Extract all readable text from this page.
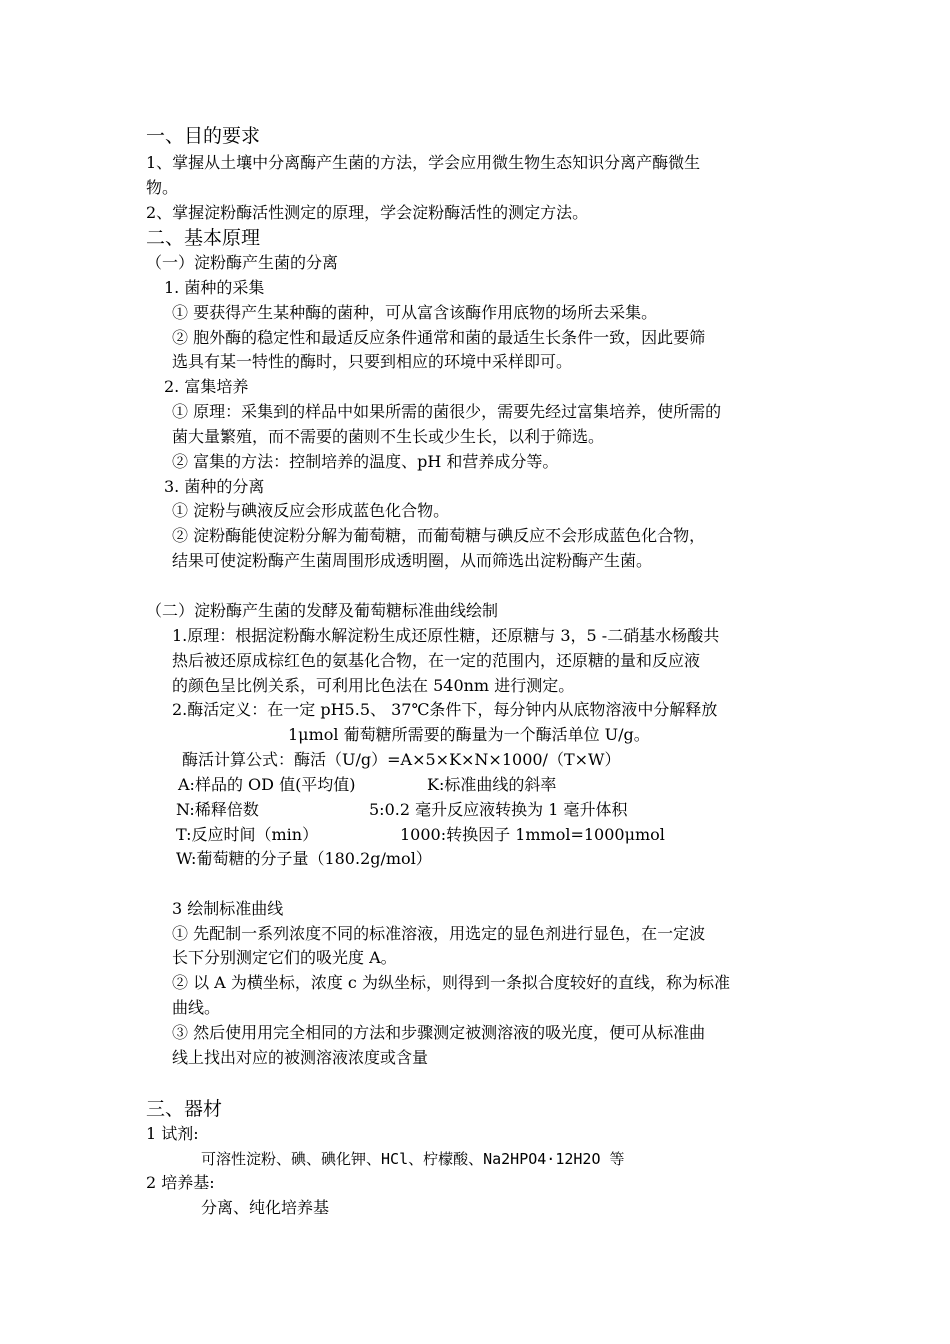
一、目的要求
1、掌握从土壤中分离酶产生菌的方法，学会应用微生物生态知识分离产酶微生
物。
2、掌握淀粉酶活性测定的原理，学会淀粉酶活性的测定方法。
二、基本原理
（一）淀粉酶产生菌的分离
1. 菌种的采集
① 要获得产生某种酶的菌种，可从富含该酶作用底物的场所去采集。
② 胞外酶的稳定性和最适反应条件通常和菌的最适生长条件一致，因此要筛
选具有某一特性的酶时，只要到相应的环境中采样即可。
2. 富集培养
① 原理：采集到的样品中如果所需的菌很少，需要先经过富集培养，使所需的
菌大量繁殖，而不需要的菌则不生长或少生长，以利于筛选。
② 富集的方法：控制培养的温度、pH 和营养成分等。
3. 菌种的分离
① 淀粉与碘液反应会形成蓝色化合物。
② 淀粉酶能使淀粉分解为葡萄糖，而葡萄糖与碘反应不会形成蓝色化合物，
结果可使淀粉酶产生菌周围形成透明圈，从而筛选出淀粉酶产生菌。
（二）淀粉酶产生菌的发酵及葡萄糖标准曲线绘制
1.原理：根据淀粉酶水解淀粉生成还原性糖，还原糖与 3，5 -二硝基水杨酸共
热后被还原成棕红色的氨基化合物，在一定的范围内，还原糖的量和反应液
的颜色呈比例关系，可利用比色法在 540nm 进行测定。
2.酶活定义：在一定 pH5.5、 37℃条件下，每分钟内从底物溶液中分解释放
1μmol 葡萄糖所需要的酶量为一个酶活单位 U/g。
酶活计算公式：酶活（U/g）=A×5×K×N×1000/（T×W）
A:样品的 OD 值(平均值)	K:标准曲线的斜率
N:稀释倍数	5:0.2 毫升反应液转换为 1 毫升体积
T:反应时间（min）	1000:转换因子 1mmol=1000μmol
W:葡萄糖的分子量（180.2g/mol）
3 绘制标准曲线
① 先配制一系列浓度不同的标准溶液，用选定的显色剂进行显色，在一定波
长下分别测定它们的吸光度 A。
② 以 A 为横坐标，浓度 c 为纵坐标，则得到一条拟合度较好的直线，称为标准
曲线。
③ 然后使用用完全相同的方法和步骤测定被测溶液的吸光度，便可从标准曲
线上找出对应的被测溶液浓度或含量
三、器材
1 试剂:
可溶性淀粉、碘、碘化钾、HCl、柠檬酸、Na2HPO4·12H2O 等
2 培养基:
分离、纯化培养基
